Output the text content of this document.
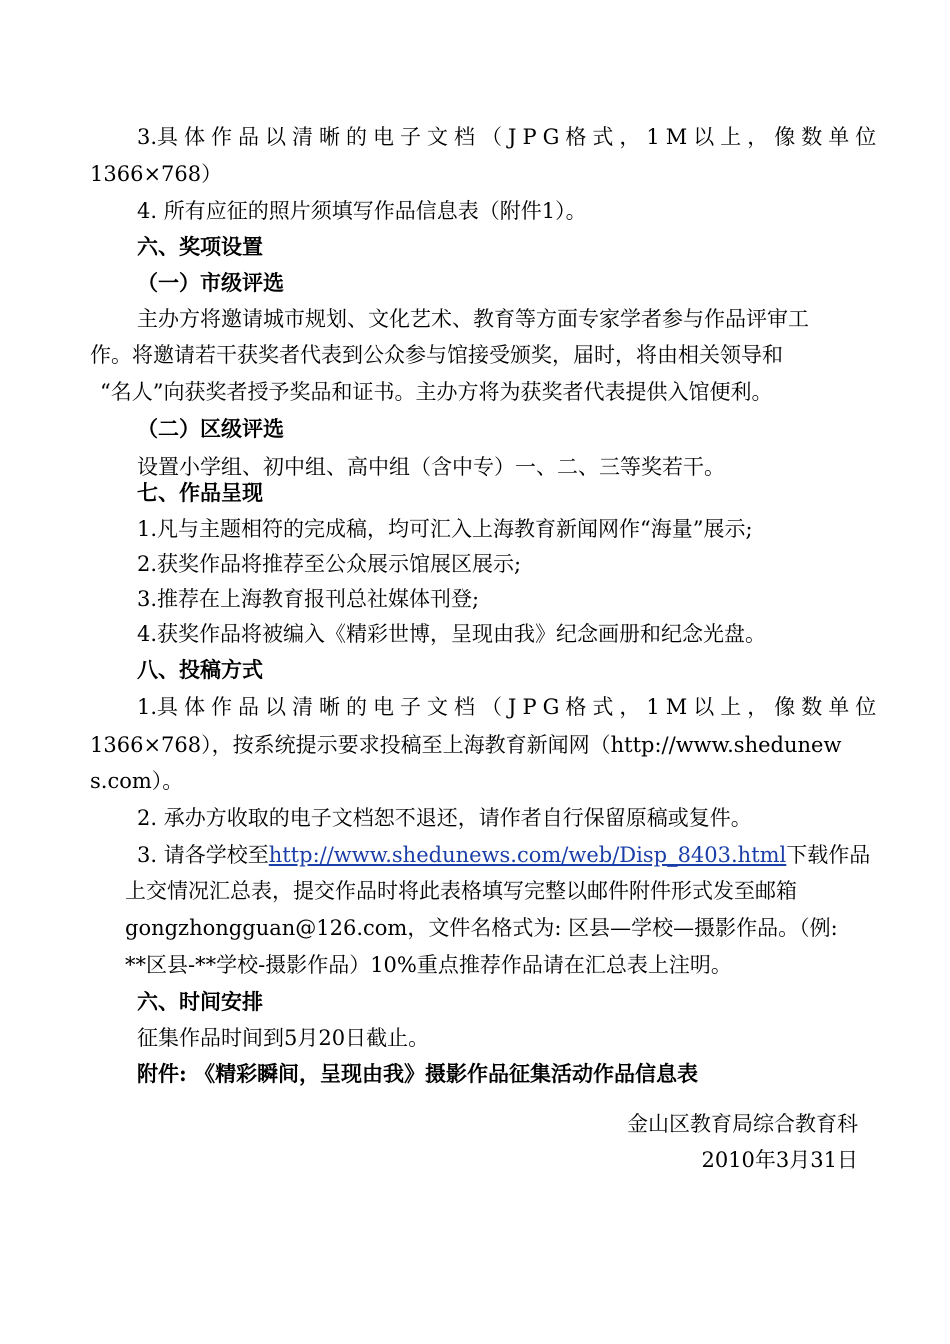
3. 具体作品以清晰的电子文档（JPG格式，1M以上，像数单位

1366×768）

4. 所有应征的照片须填写作品信息表（附件1）。

六、奖项设置

（一）市级评选

主办方将邀请城市规划、文化艺术、教育等方面专家学者参与作品评审工

作。将邀请若干获奖者代表到公众参与馆接受颁奖，届时，将由相关领导和

“名人”向获奖者授予奖品和证书。主办方将为获奖者代表提供入馆便利。

（二）区级评选

设置小学组、初中组、高中组（含中专）一、二、三等奖若干。

七、作品呈现

1.凡与主题相符的完成稿，均可汇入上海教育新闻网作“海量”展示;

2.获奖作品将推荐至公众展示馆展区展示;

3.推荐在上海教育报刊总社媒体刊登;

4.获奖作品将被编入《精彩世博，呈现由我》纪念画册和纪念光盘。

八、投稿方式

1. 具体作品以清晰的电子文档（JPG格式，1M以上，像数单位

1366×768），按系统提示要求投稿至上海教育新闻网（http://www.shedunew

s.com）。

2. 承办方收取的电子文档恕不退还，请作者自行保留原稿或复件。

3. 请各学校至http://www.shedunews.com/web/Disp_8403.html下载作品

上交情况汇总表，提交作品时将此表格填写完整以邮件附件形式发至邮箱

gongzhongguan@126.com，文件名格式为: 区县—学校—摄影作品。（例:

**区县-**学校-摄影作品）10%重点推荐作品请在汇总表上注明。

六、时间安排

征集作品时间到5月20日截止。

附件: 《精彩瞬间，呈现由我》摄影作品征集活动作品信息表

金山区教育局综合教育科
2010年3月31日
